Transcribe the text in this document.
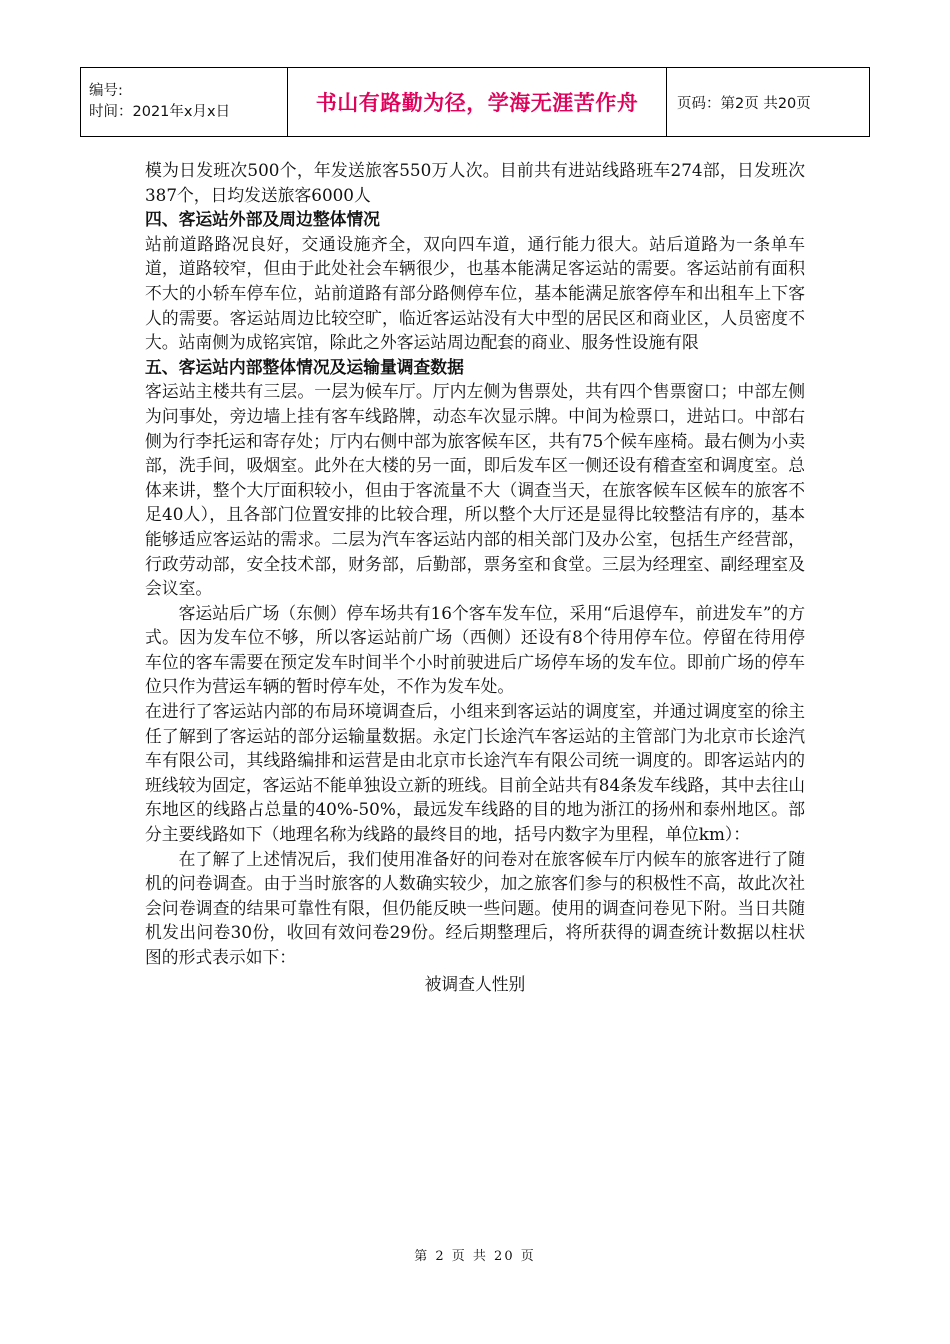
编号:
时间：2021年x月x日	书山有路勤为径，学海无涯苦作舟	页码：第2页 共20页

模为日发班次500个，年发送旅客550万人次。目前共有进站线路班车274部，日发班次387个，日均发送旅客6000人

四、客运站外部及周边整体情况

站前道路路况良好，交通设施齐全，双向四车道，通行能力很大。站后道路为一条单车道，道路较窄，但由于此处社会车辆很少，也基本能满足客运站的需要。客运站前有面积不大的小轿车停车位，站前道路有部分路侧停车位，基本能满足旅客停车和出租车上下客人的需要。客运站周边比较空旷，临近客运站没有大中型的居民区和商业区，人员密度不大。站南侧为成铭宾馆，除此之外客运站周边配套的商业、服务性设施有限

五、客运站内部整体情况及运输量调查数据

客运站主楼共有三层。一层为候车厅。厅内左侧为售票处，共有四个售票窗口；中部左侧为问事处，旁边墙上挂有客车线路牌，动态车次显示牌。中间为检票口，进站口。中部右侧为行李托运和寄存处；厅内右侧中部为旅客候车区，共有75个候车座椅。最右侧为小卖部，洗手间，吸烟室。此外在大楼的另一面，即后发车区一侧还设有稽查室和调度室。总体来讲，整个大厅面积较小，但由于客流量不大（调查当天，在旅客候车区候车的旅客不足40人），且各部门位置安排的比较合理，所以整个大厅还是显得比较整洁有序的，基本能够适应客运站的需求。二层为汽车客运站内部的相关部门及办公室，包括生产经营部，行政劳动部，安全技术部，财务部，后勤部，票务室和食堂。三层为经理室、副经理室及会议室。

客运站后广场（东侧）停车场共有16个客车发车位，采用“后退停车，前进发车”的方式。因为发车位不够，所以客运站前广场（西侧）还设有8个待用停车位。停留在待用停车位的客车需要在预定发车时间半个小时前驶进后广场停车场的发车位。即前广场的停车位只作为营运车辆的暂时停车处，不作为发车处。

在进行了客运站内部的布局环境调查后，小组来到客运站的调度室，并通过调度室的徐主任了解到了客运站的部分运输量数据。永定门长途汽车客运站的主管部门为北京市长途汽车有限公司，其线路编排和运营是由北京市长途汽车有限公司统一调度的。即客运站内的班线较为固定，客运站不能单独设立新的班线。目前全站共有84条发车线路，其中去往山东地区的线路占总量的40%-50%，最远发车线路的目的地为浙江的扬州和泰州地区。部分主要线路如下（地理名称为线路的最终目的地，括号内数字为里程，单位km）：

在了解了上述情况后，我们使用准备好的问卷对在旅客候车厅内候车的旅客进行了随机的问卷调查。由于当时旅客的人数确实较少，加之旅客们参与的积极性不高，故此次社会问卷调查的结果可靠性有限，但仍能反映一些问题。使用的调查问卷见下附。当日共随机发出问卷30份，收回有效问卷29份。经后期整理后，将所获得的调查统计数据以柱状图的形式表示如下：

被调查人性别

第 2 页 共 20 页
